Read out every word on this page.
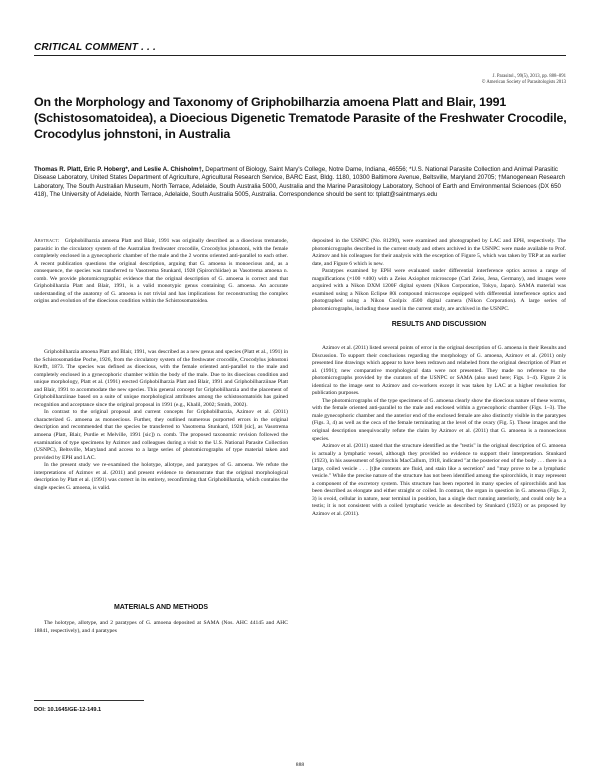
CRITICAL COMMENT . . .
J. Parasitol., 99(5), 2013, pp. 888–891
© American Society of Parasitologists 2013
On the Morphology and Taxonomy of Griphobilharzia amoena Platt and Blair, 1991 (Schistosomatoidea), a Dioecious Digenetic Trematode Parasite of the Freshwater Crocodile, Crocodylus johnstoni, in Australia
Thomas R. Platt, Eric P. Hoberg*, and Leslie A. Chisholm†, Department of Biology, Saint Mary's College, Notre Dame, Indiana, 46556; *U.S. National Parasite Collection and Animal Parasitic Disease Laboratory, United States Department of Agriculture, Agricultural Research Service, BARC East, Bldg. 1180, 10300 Baltimore Avenue, Beltsville, Maryland 20705; †Manogenean Research Laboratory, The South Australian Museum, North Terrace, Adelaide, South Australia 5000, Australia and the Marine Parasitology Laboratory, School of Earth and Environmental Sciences (DX 650 418), The University of Adelaide, North Terrace, Adelaide, South Australia 5005, Australia. Correspondence should be sent to: tplatt@saintmarys.edu

Abstract: Griphobilharzia amoena Platt and Blair, 1991 was originally described as a dioecious trematode, parasitic in the circulatory system of the Australian freshwater crocodile, Crocodylus johnstoni, with the female completely enclosed in a gynecophoric chamber of the male and the 2 worms oriented anti-parallel to each other. A recent publication questions the original description, arguing that G. amoena is monoecious and, as a consequence, the species was transferred to Vasotrema Stunkard, 1928 (Spirorchiidae) as Vasotrema amoena n. comb. We provide photomicrographic evidence that the original description of G. amoena is correct and that Griphobilharzia Platt and Blair, 1991, is a valid monotypic genus containing G. amoena. An accurate understanding of the anatomy of G. amoena is not trivial and has implications for reconstructing the complex origins and evolution of the dioecious condition within the Schistosomatoidea.

Griphobilharzia amoena Platt and Blair, 1991, was described as a new genus and species (Platt et al., 1991) in the Schistosomatidae Poche, 1926, from the circulatory system of the freshwater crocodile, Crocodylus johnstoni Krefft, 1873. The species was defined as dioecious, with the female oriented anti-parallel to the male and completely enclosed in a gynecophoric chamber within the body of the male. Due to its dioecious condition and unique morphology, Platt et al. (1991) erected Griphobilharzia Platt and Blair, 1991 and Griphobilharziinae Platt and Blair, 1991 to accommodate the new species. This general concept for Griphobilharzia and the placement of Griphobilharziinae based on a suite of unique morphological attributes among the schistosomatoids has gained recognition and acceptance since the original proposal in 1991 (e.g., Khalil, 2002; Smith, 2002).

In contrast to the original proposal and current concepts for Griphobilharzia, Azimov et al. (2011) characterized G. amoena as monoecious. Further, they outlined numerous purported errors in the original description and recommended that the species be transferred to Vasotrema Stunkard, 1928 [sic], as Vasotrema amoena (Platt, Blair, Purdie et Melville, 1991 [sic]) n. comb. The proposed taxonomic revision followed the examination of type specimens by Azimov and colleagues during a visit to the U.S. National Parasite Collection (USNPC), Beltsville, Maryland and access to a large series of photomicrographs of type material taken and provided by EPH and LAC.

In the present study we re-examined the holotype, allotype, and paratypes of G. amoena. We refute the interpretations of Azimov et al. (2011) and present evidence to demonstrate that the original morphological description by Platt et al. (1991) was correct in its entirety, reconfirming that Griphobilharzia, which contains the single species G. amoena, is valid.

MATERIALS AND METHODS

The holotype, allotype, and 2 paratypes of G. amoena deposited at SAMA (Nos. AHC 44145 and AHC 18841, respectively), and 4 paratypes

deposited in the USNPC (No. 81290), were examined and photographed by LAC and EPH, respectively. The photomicrographs described in the current study and others archived in the USNPC were made available to Prof. Azimov and his colleagues for their analysis with the exception of Figure 5, which was taken by TRP at an earlier date, and Figure 6 which is new.

Paratypes examined by EPH were evaluated under differential interference optics across a range of magnifications (×100 ×400) with a Zeiss Axiophot microscope (Carl Zeiss, Jena, Germany), and images were acquired with a Nikon DXM 1200F digital system (Nikon Corporation, Tokyo, Japan). SAMA material was examined using a Nikon Eclipse 80i compound microscope equipped with differential interference optics and photographed using a Nikon Coolpix 4500 digital camera (Nikon Corporation). A large series of photomicrographs, including those used in the current study, are archived in the USNPC.

RESULTS AND DISCUSSION

Azimov et al. (2011) listed several points of error in the original description of G. amoena in their Results and Discussion. To support their conclusions regarding the morphology of G. amoena, Azimov et al. (2011) only presented line drawings which appear to have been redrawn and relabeled from the original description of Platt et al. (1991); new comparative morphological data were not presented. They made no reference to the photomicrographs provided by the curators of the USNPC or SAMA (also used here; Figs. 1–4). Figure 2 is identical to the image sent to Azimov and co-workers except it was taken by LAC at a higher resolution for publication purposes.

The photomicrographs of the type specimens of G. amoena clearly show the dioecious nature of these worms, with the female oriented anti-parallel to the male and enclosed within a gynecophoric chamber (Figs. 1–3). The male gynecophoric chamber and the anterior end of the enclosed female are also distinctly visible in the paratypes (Figs. 3, 4) as well as the ceca of the female terminating at the level of the ovary (Fig. 5). These images and the original description unequivocally refute the claim by Azimov et al. (2011) that G. amoena is a monoecious species.

Azimov et al. (2011) stated that the structure identified as the "testis" in the original description of G. amoena is actually a lymphatic vessel, although they provided no evidence to support their interpretation. Stunkard (1923), in his assessment of Spirorchis MacCallum, 1918, indicated "at the posterior end of the body . . . there is a large, coiled vesicle . . . [t]he contents are fluid, and stain like a secretion" and "may prove to be a lymphatic vesicle." While the precise nature of the structure has not been identified among the spirorchiids, it may represent a component of the excretory system. This structure has been reported in many species of spirorchiids and has been described as elongate and either straight or coiled. In contrast, the organ in question in G. amoena (Figs. 2, 3) is ovoid, cellular in nature, near terminal in position, has a single duct running anteriorly, and could only be a testis; it is not consistent with a coiled lymphatic vesicle as described by Stunkard (1923) or as proposed by Azimov et al. (2011).

DOI: 10.1645/GE-12-149.1
888
